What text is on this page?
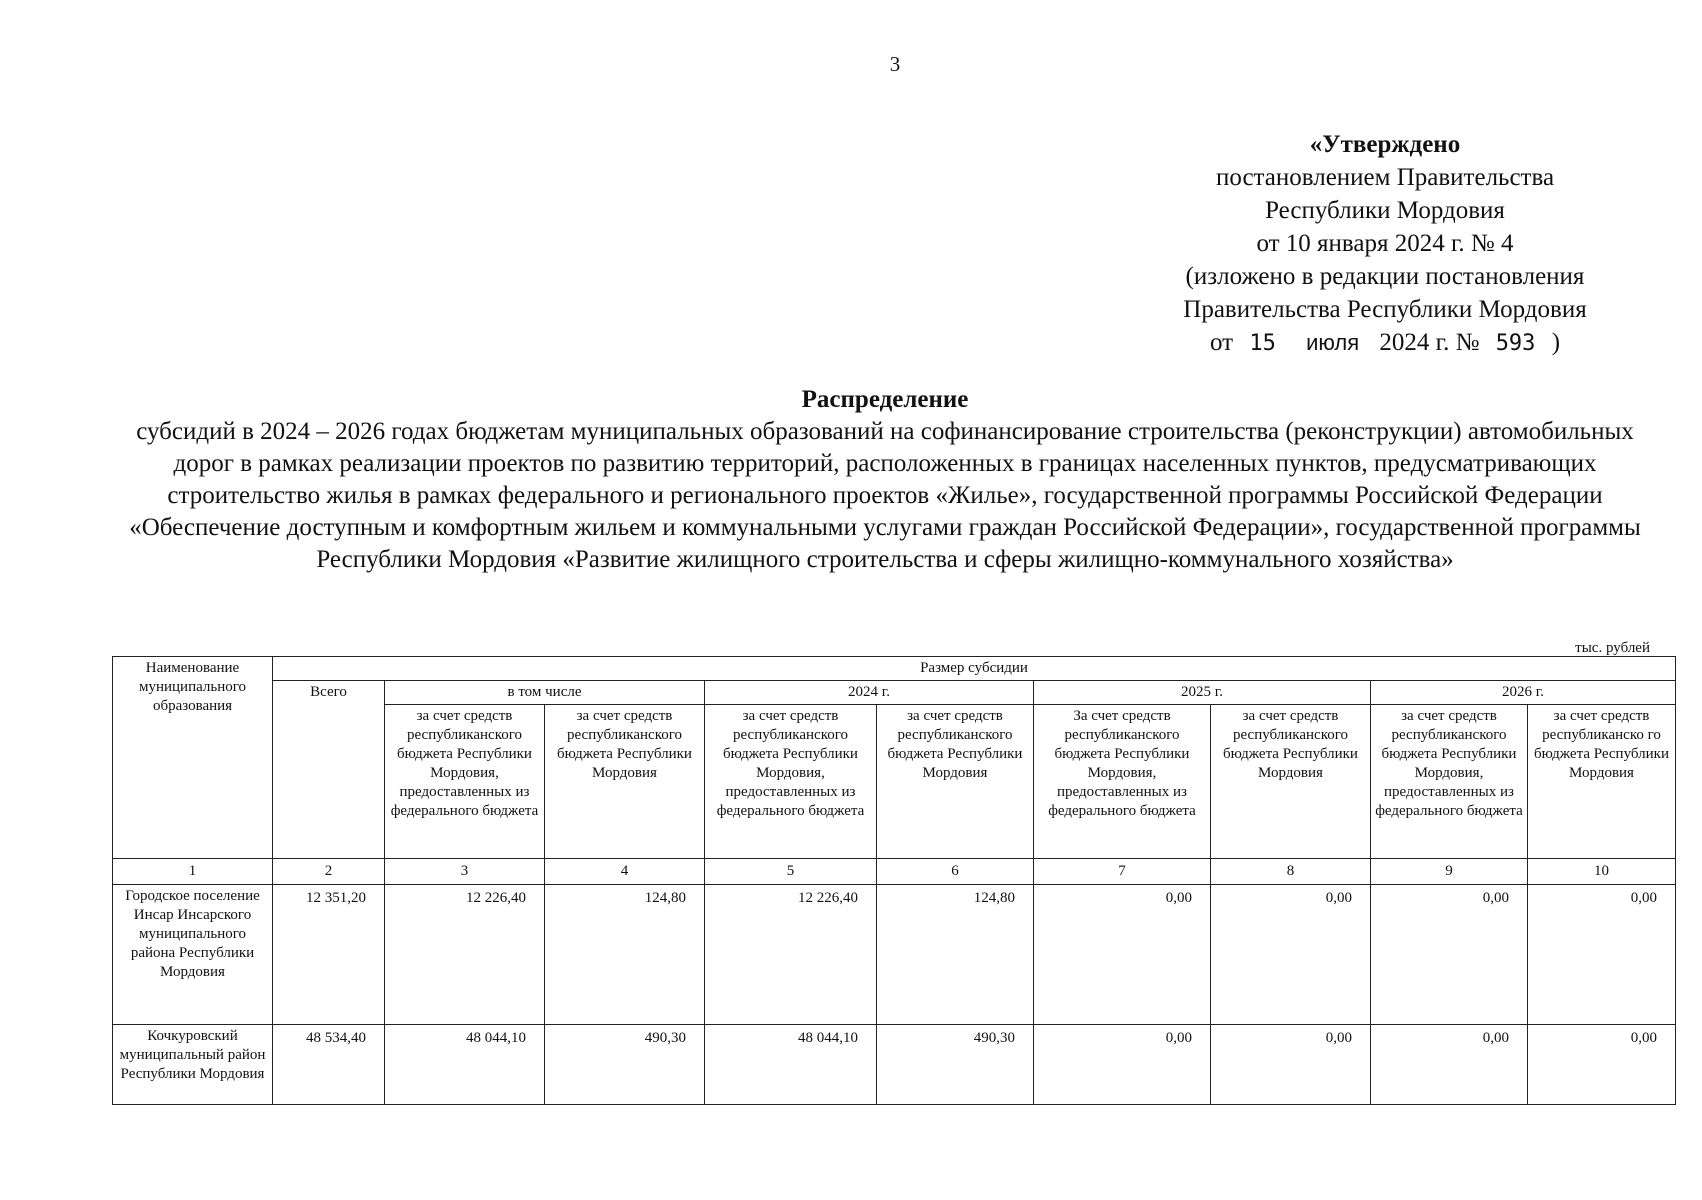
3
«Утверждено
постановлением Правительства
Республики Мордовия
от 10 января 2024 г. № 4
(изложено в редакции постановления
Правительства Республики Мордовия
от 15 июля 2024 г. № 593 )
Распределение
субсидий в 2024 – 2026 годах бюджетам муниципальных образований на софинансирование строительства (реконструкции) автомобильных дорог в рамках реализации проектов по развитию территорий, расположенных в границах населенных пунктов, предусматривающих строительство жилья в рамках федерального и регионального проектов «Жилье», государственной программы Российской Федерации «Обеспечение доступным и комфортным жильем и коммунальными услугами граждан Российской Федерации», государственной программы Республики Мордовия «Развитие жилищного строительства и сферы жилищно-коммунального хозяйства»
тыс. рублей
Наименование муниципального образования	Размер субсидии								
	Всего	в том числе		2024 г.		2025 г.		2026 г.	
		за счет средств республиканского бюджета Республики Мордовия, предоставленных из федерального бюджета	за счет средств республиканского бюджета Республики Мордовия	за счет средств республиканского бюджета Республики Мордовия, предоставленных из федерального бюджета	за счет средств республиканского бюджета Республики Мордовия	За счет средств республиканского бюджета Республики Мордовия, предоставленных из федерального бюджета	за счет средств республиканского бюджета Республики Мордовия	за счет средств республиканского бюджета Республики Мордовия, предоставленных из федерального бюджета	за счет средств республиканско го бюджета Республики Мордовия
1	2	3	4	5	6	7	8	9	10
Городское поселение Инсар Инсарского муниципального района Республики Мордовия	12 351,20	12 226,40	124,80	12 226,40	124,80	0,00	0,00	0,00	0,00
Кочкуровский муниципальный район Республики Мордовия	48 534,40	48 044,10	490,30	48 044,10	490,30	0,00	0,00	0,00	0,00
